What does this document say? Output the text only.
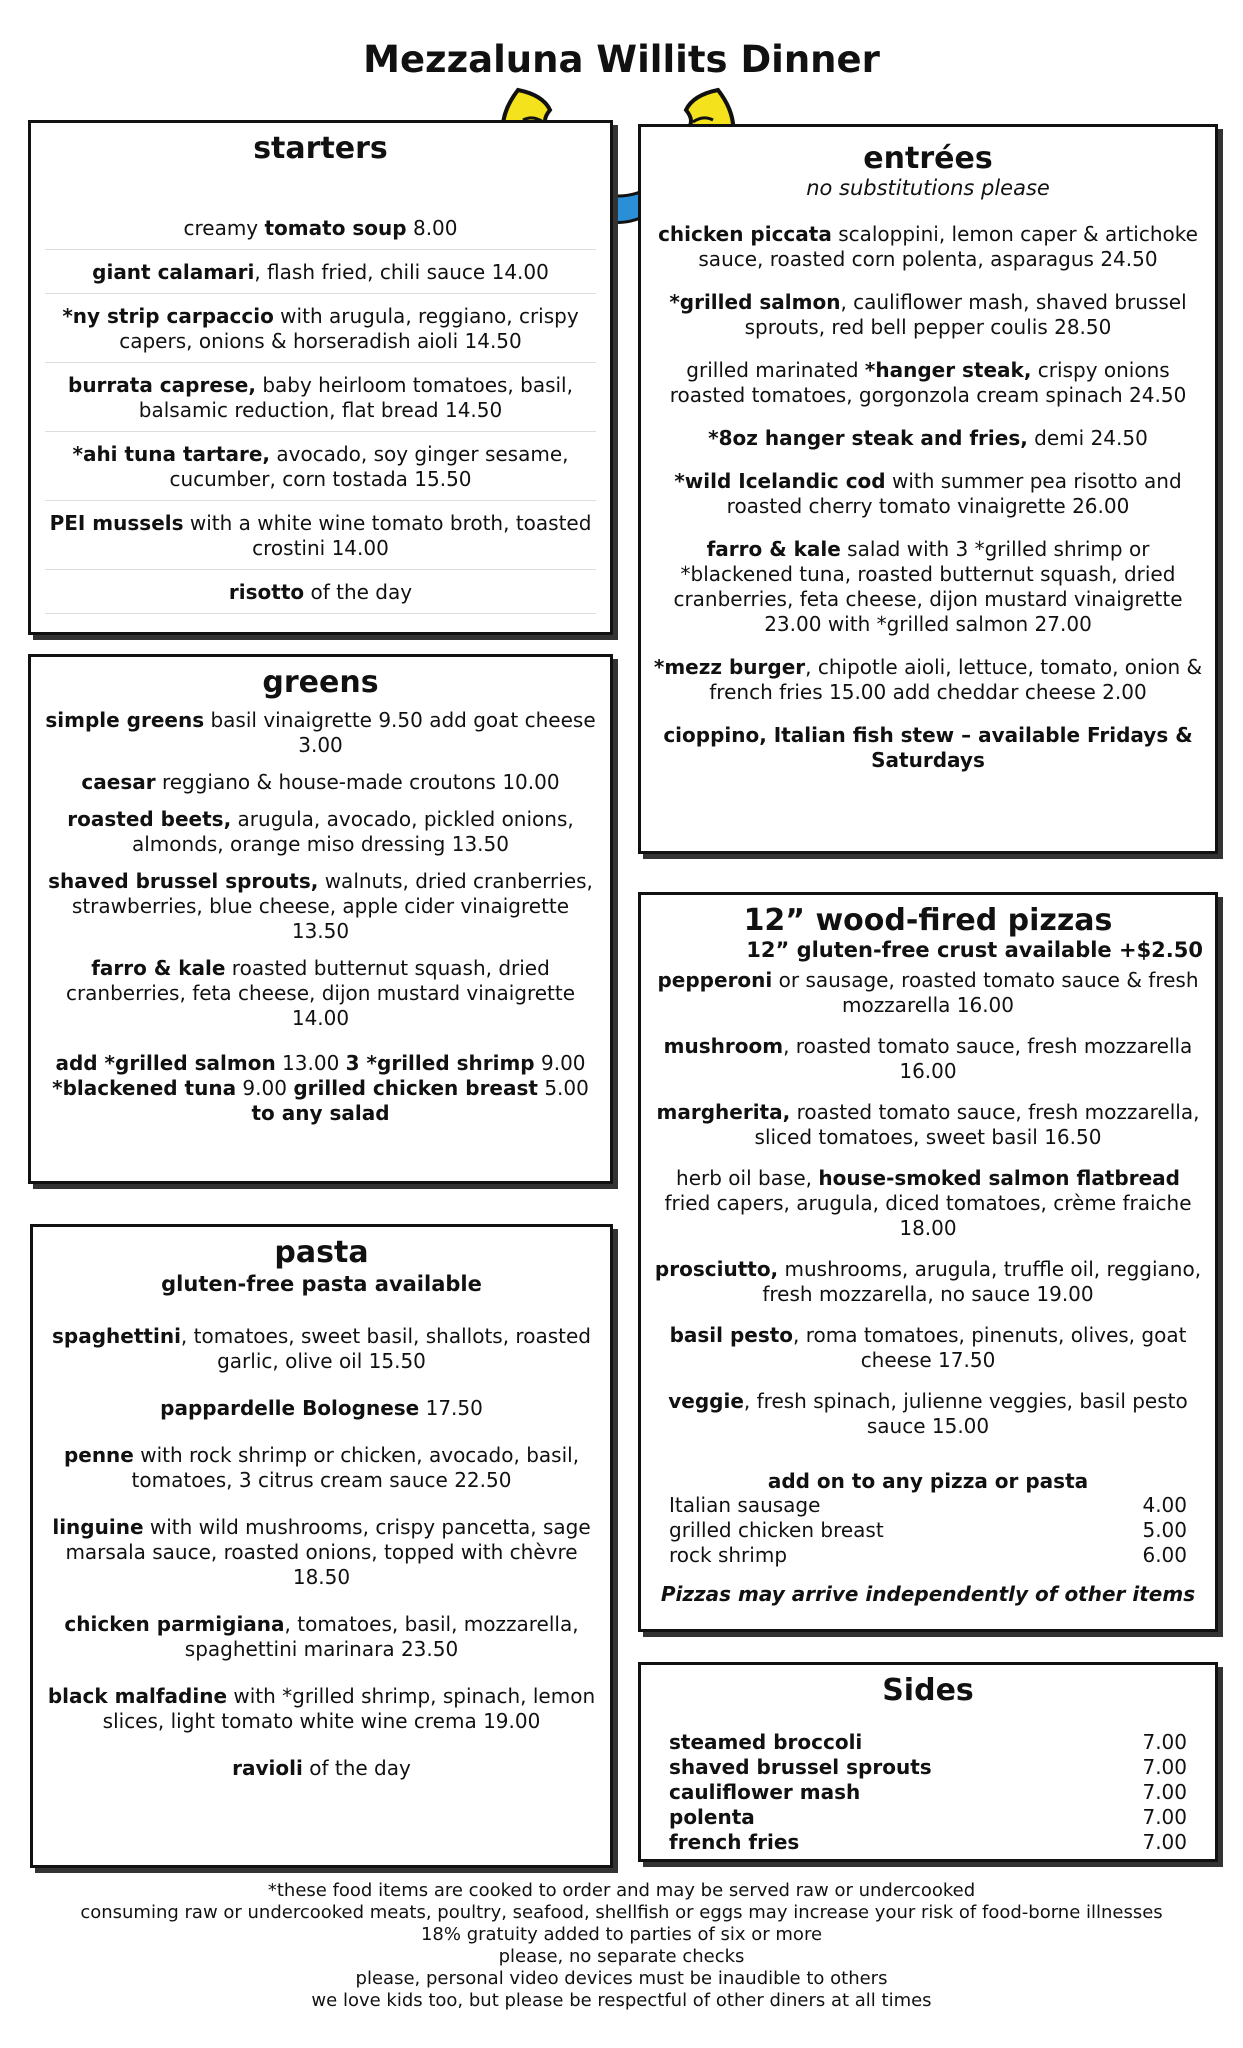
Mezzaluna Willits Dinner
starters
creamy tomato soup 8.00
giant calamari, flash fried, chili sauce 14.00
*ny strip carpaccio with arugula, reggiano, crispy capers, onions & horseradish aioli 14.50
burrata caprese, baby heirloom tomatoes, basil, balsamic reduction, flat bread 14.50
*ahi tuna tartare, avocado, soy ginger sesame, cucumber, corn tostada 15.50
PEI mussels with a white wine tomato broth, toasted crostini 14.00
risotto of the day
greens
simple greens basil vinaigrette 9.50 add goat cheese 3.00
caesar reggiano & house-made croutons 10.00
roasted beets, arugula, avocado, pickled onions, almonds, orange miso dressing 13.50
shaved brussel sprouts, walnuts, dried cranberries, strawberries, blue cheese, apple cider vinaigrette 13.50
farro & kale roasted butternut squash, dried cranberries, feta cheese, dijon mustard vinaigrette 14.00
add *grilled salmon 13.00 3 *grilled shrimp 9.00
*blackened tuna 9.00 grilled chicken breast 5.00
to any salad
pasta
gluten-free pasta available
spaghettini, tomatoes, sweet basil, shallots, roasted garlic, olive oil 15.50
pappardelle Bolognese 17.50
penne with rock shrimp or chicken, avocado, basil, tomatoes, 3 citrus cream sauce 22.50
linguine with wild mushrooms, crispy pancetta, sage marsala sauce, roasted onions, topped with chèvre 18.50
chicken parmigiana, tomatoes, basil, mozzarella, spaghettini marinara 23.50
black malfadine with *grilled shrimp, spinach, lemon slices, light tomato white wine crema 19.00
ravioli of the day
entrées
no substitutions please
chicken piccata scaloppini, lemon caper & artichoke sauce, roasted corn polenta, asparagus 24.50
*grilled salmon, cauliflower mash, shaved brussel sprouts, red bell pepper coulis 28.50
grilled marinated *hanger steak, crispy onions roasted tomatoes, gorgonzola cream spinach 24.50
*8oz hanger steak and fries, demi 24.50
*wild Icelandic cod with summer pea risotto and roasted cherry tomato vinaigrette 26.00
farro & kale salad with 3 *grilled shrimp or *blackened tuna, roasted butternut squash, dried cranberries, feta cheese, dijon mustard vinaigrette 23.00 with *grilled salmon 27.00
*mezz burger, chipotle aioli, lettuce, tomato, onion & french fries 15.00 add cheddar cheese 2.00
cioppino, Italian fish stew – available Fridays & Saturdays
12” wood-fired pizzas
12” gluten-free crust available +$2.50
pepperoni or sausage, roasted tomato sauce & fresh mozzarella 16.00
mushroom, roasted tomato sauce, fresh mozzarella 16.00
margherita, roasted tomato sauce, fresh mozzarella, sliced tomatoes, sweet basil 16.50
herb oil base, house-smoked salmon flatbread fried capers, arugula, diced tomatoes, crème fraiche 18.00
prosciutto, mushrooms, arugula, truffle oil, reggiano, fresh mozzarella, no sauce 19.00
basil pesto, roma tomatoes, pinenuts, olives, goat cheese 17.50
veggie, fresh spinach, julienne veggies, basil pesto sauce 15.00
add on to any pizza or pasta
Italian sausage	4.00
grilled chicken breast	5.00
rock shrimp	6.00
Pizzas may arrive independently of other items
Sides
steamed broccoli	7.00
shaved brussel sprouts	7.00
cauliflower mash	7.00
polenta	7.00
french fries	7.00
*these food items are cooked to order and may be served raw or undercooked
consuming raw or undercooked meats, poultry, seafood, shellfish or eggs may increase your risk of food-borne illnesses
18% gratuity added to parties of six or more
please, no separate checks
please, personal video devices must be inaudible to others
we love kids too, but please be respectful of other diners at all times
